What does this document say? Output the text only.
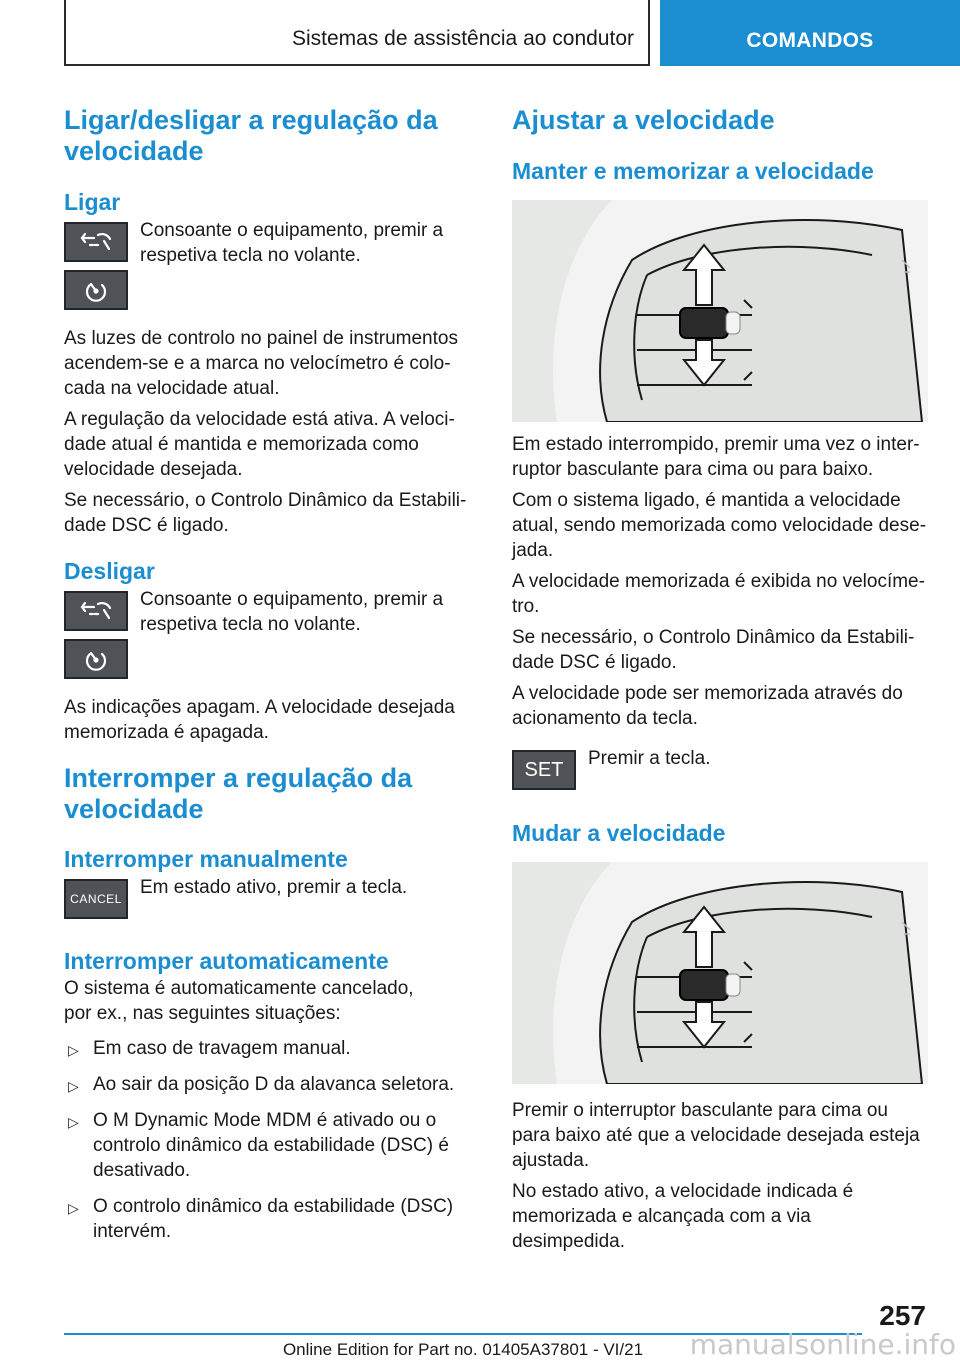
Sistemas de assistência ao condutor	COMANDOS
Ligar/desligar a regulação da velocidade
Ligar
Consoante o equipamento, premir a respetiva tecla no volante.

As luzes de controlo no painel de instrumentos acendem-se e a marca no velocímetro é colocada na velocidade atual.

A regulação da velocidade está ativa. A velocidade atual é mantida e memorizada como velocidade desejada.

Se necessário, o Controlo Dinâmico da Estabilidade DSC é ligado.

Desligar
Consoante o equipamento, premir a respetiva tecla no volante.

As indicações apagam. A velocidade desejada memorizada é apagada.

Interromper a regulação da velocidade
Interromper manualmente
CANCEL
Em estado ativo, premir a tecla.
Interromper automaticamente

O sistema é automaticamente cancelado, por ex., nas seguintes situações:

▷ Em caso de travagem manual.
▷ Ao sair da posição D da alavanca seletora.
▷ O M Dynamic Mode MDM é ativado ou o controlo dinâmico da estabilidade (DSC) é desativado.
▷ O controlo dinâmico da estabilidade (DSC) intervém.
Ajustar a velocidade
Manter e memorizar a velocidade

Em estado interrompido, premir uma vez o interruptor basculante para cima ou para baixo.

Com o sistema ligado, é mantida a velocidade atual, sendo memorizada como velocidade desejada.

A velocidade memorizada é exibida no velocímetro.

Se necessário, o Controlo Dinâmico da Estabilidade DSC é ligado.

A velocidade pode ser memorizada através do acionamento da tecla.

SET Premir a tecla.
Mudar a velocidade

Premir o interruptor basculante para cima ou para baixo até que a velocidade desejada esteja ajustada.

No estado ativo, a velocidade indicada é memorizada e alcançada com a via desimpedida.

257
Online Edition for Part no. 01405A37801 - VI/21	manualsonline.info
